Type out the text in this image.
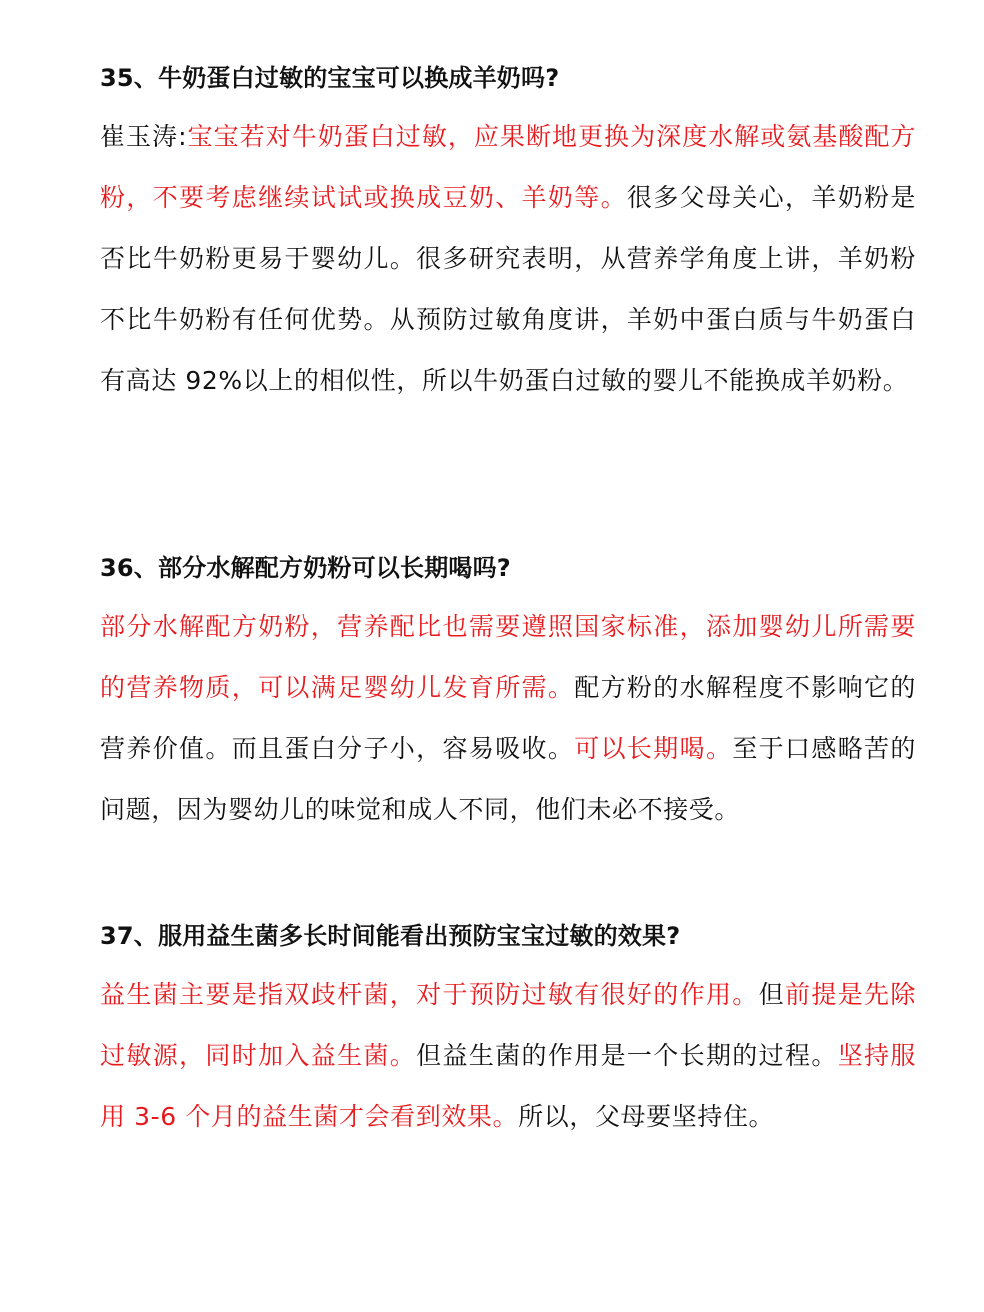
35、牛奶蛋白过敏的宝宝可以换成羊奶吗?

崔玉涛:宝宝若对牛奶蛋白过敏，应果断地更换为深度水解或氨基酸配方粉，不要考虑继续试试或换成豆奶、羊奶等。很多父母关心，羊奶粉是否比牛奶粉更易于婴幼儿。很多研究表明，从营养学角度上讲，羊奶粉不比牛奶粉有任何优势。从预防过敏角度讲，羊奶中蛋白质与牛奶蛋白有高达 92%以上的相似性，所以牛奶蛋白过敏的婴儿不能换成羊奶粉。

36、部分水解配方奶粉可以长期喝吗?

部分水解配方奶粉，营养配比也需要遵照国家标准，添加婴幼儿所需要的营养物质，可以满足婴幼儿发育所需。配方粉的水解程度不影响它的营养价值。而且蛋白分子小，容易吸收。可以长期喝。至于口感略苦的问题，因为婴幼儿的味觉和成人不同，他们未必不接受。

37、服用益生菌多长时间能看出预防宝宝过敏的效果?

益生菌主要是指双歧杆菌，对于预防过敏有很好的作用。但前提是先除过敏源，同时加入益生菌。但益生菌的作用是一个长期的过程。坚持服用 3-6 个月的益生菌才会看到效果。所以，父母要坚持住。
